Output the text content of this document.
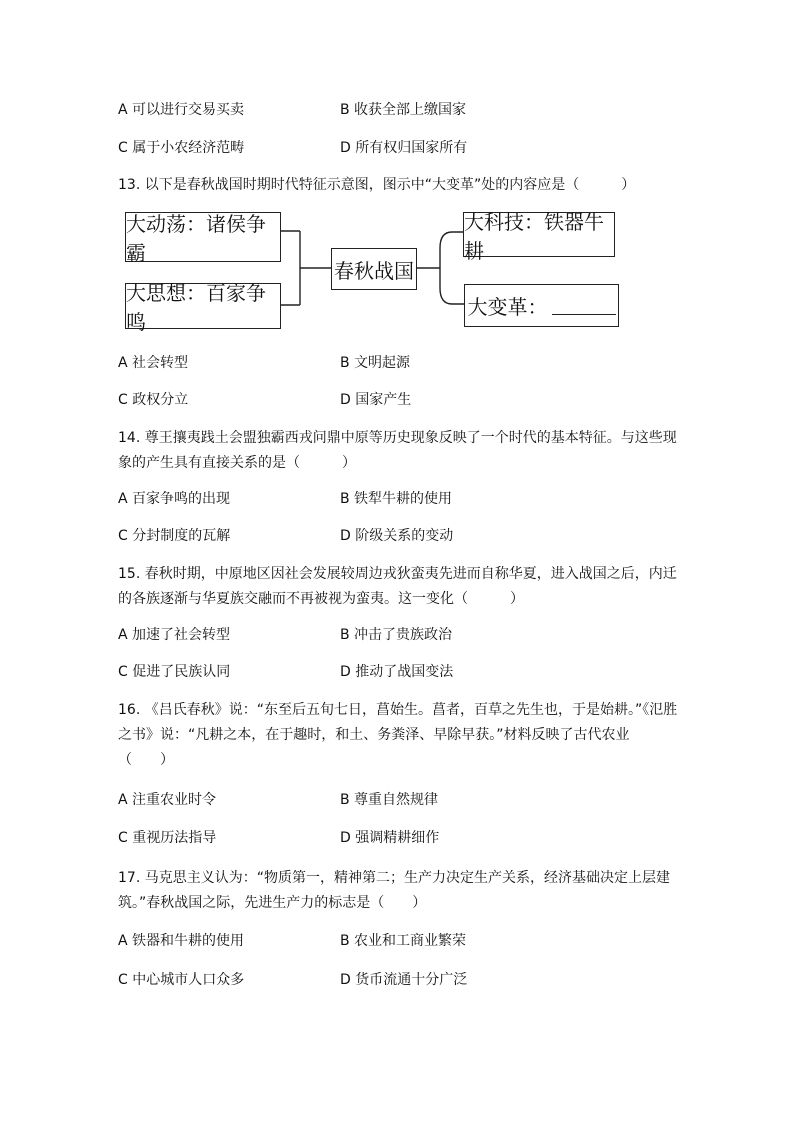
A 可以进行交易买卖	B 收获全部上缴国家
C 属于小农经济范畴	D 所有权归国家所有
13. 以下是春秋战国时期时代特征示意图，图示中“大变革”处的内容应是（　　　）
大动荡：诸侯争霸
大思想：百家争鸣
春秋战国
大科技：铁器牛耕
大变革：
A 社会转型	B 文明起源
C 政权分立	D 国家产生
14. 尊王攘夷践土会盟独霸西戎问鼎中原等历史现象反映了一个时代的基本特征。与这些现象的产生具有直接关系的是（　　　）
A 百家争鸣的出现	B 铁犁牛耕的使用
C 分封制度的瓦解	D 阶级关系的变动
15. 春秋时期，中原地区因社会发展较周边戎狄蛮夷先进而自称华夏，进入战国之后，内迁的各族逐渐与华夏族交融而不再被视为蛮夷。这一变化（　　　）
A 加速了社会转型	B 冲击了贵族政治
C 促进了民族认同	D 推动了战国变法
16. 《吕氏春秋》说：“东至后五旬七日，菖始生。菖者，百草之先生也，于是始耕。”《氾胜之书》说：“凡耕之本，在于趣时，和土、务粪泽、早除早获。”材料反映了古代农业（　　）
A 注重农业时令	B 尊重自然规律
C 重视历法指导	D 强调精耕细作
17. 马克思主义认为：“物质第一，精神第二；生产力决定生产关系，经济基础决定上层建筑。”春秋战国之际，先进生产力的标志是（　　）
A 铁器和牛耕的使用	B 农业和工商业繁荣
C 中心城市人口众多	D 货币流通十分广泛
